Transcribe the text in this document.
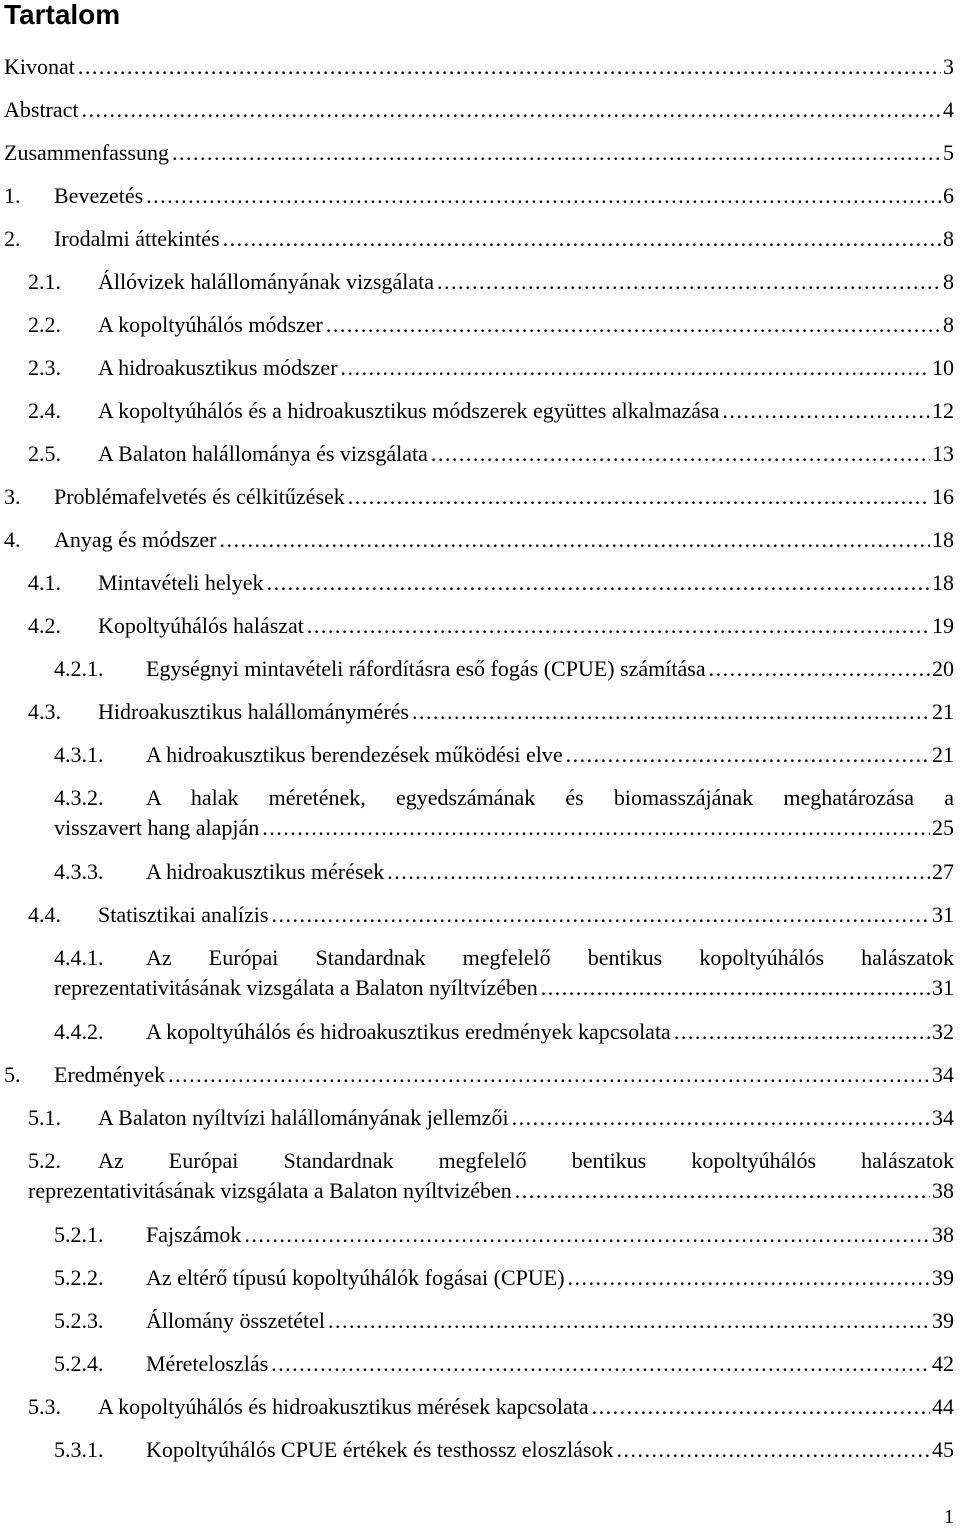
Tartalom
Kivonat . . .	3
Abstract . . .	4
Zusammenfassung . . .	5
1. Bevezetés . . .	6
2. Irodalmi áttekintés . . .	8
2.1. Állóvizek halállományának vizsgálata . . .	8
2.2. A kopoltyúhálós módszer . . .	8
2.3. A hidroakusztikus módszer . . .	10
2.4. A kopoltyúhálós és a hidroakusztikus módszerek együttes alkalmazása . . .	12
2.5. A Balaton halállománya és vizsgálata . . .	13
3. Problémafelvetés és célkitűzések . . .	16
4. Anyag és módszer . . .	18
4.1. Mintavételi helyek . . .	18
4.2. Kopoltyúhálós halászat . . .	19
4.2.1. Egységnyi mintavételi ráfordításra eső fogás (CPUE) számítása . . .	20
4.3. Hidroakusztikus halállománymérés . . .	21
4.3.1. A hidroakusztikus berendezések működési elve . . .	21
4.3.2. A halak méretének, egyedszámának és biomasszájának meghatározása a
visszavert hang alapján . . .	25
4.3.3. A hidroakusztikus mérések . . .	27
4.4. Statisztikai analízis . . .	31
4.4.1. Az Európai Standardnak megfelelő bentikus kopoltyúhálós halászatok
reprezentativitásának vizsgálata a Balaton nyíltvízében . . .	31
4.4.2. A kopoltyúhálós és hidroakusztikus eredmények kapcsolata . . .	32
5. Eredmények . . .	34
5.1. A Balaton nyíltvízi halállományának jellemzői . . .	34
5.2. Az Európai Standardnak megfelelő bentikus kopoltyúhálós halászatok
reprezentativitásának vizsgálata a Balaton nyíltvizében . . .	38
5.2.1. Fajszámok . . .	38
5.2.2. Az eltérő típusú kopoltyúhálók fogásai (CPUE) . . .	39
5.2.3. Állomány összetétel . . .	39
5.2.4. Méreteloszlás . . .	42
5.3. A kopoltyúhálós és hidroakusztikus mérések kapcsolata . . .	44
5.3.1. Kopoltyúhálós CPUE értékek és testhossz eloszlások . . .	45
1
